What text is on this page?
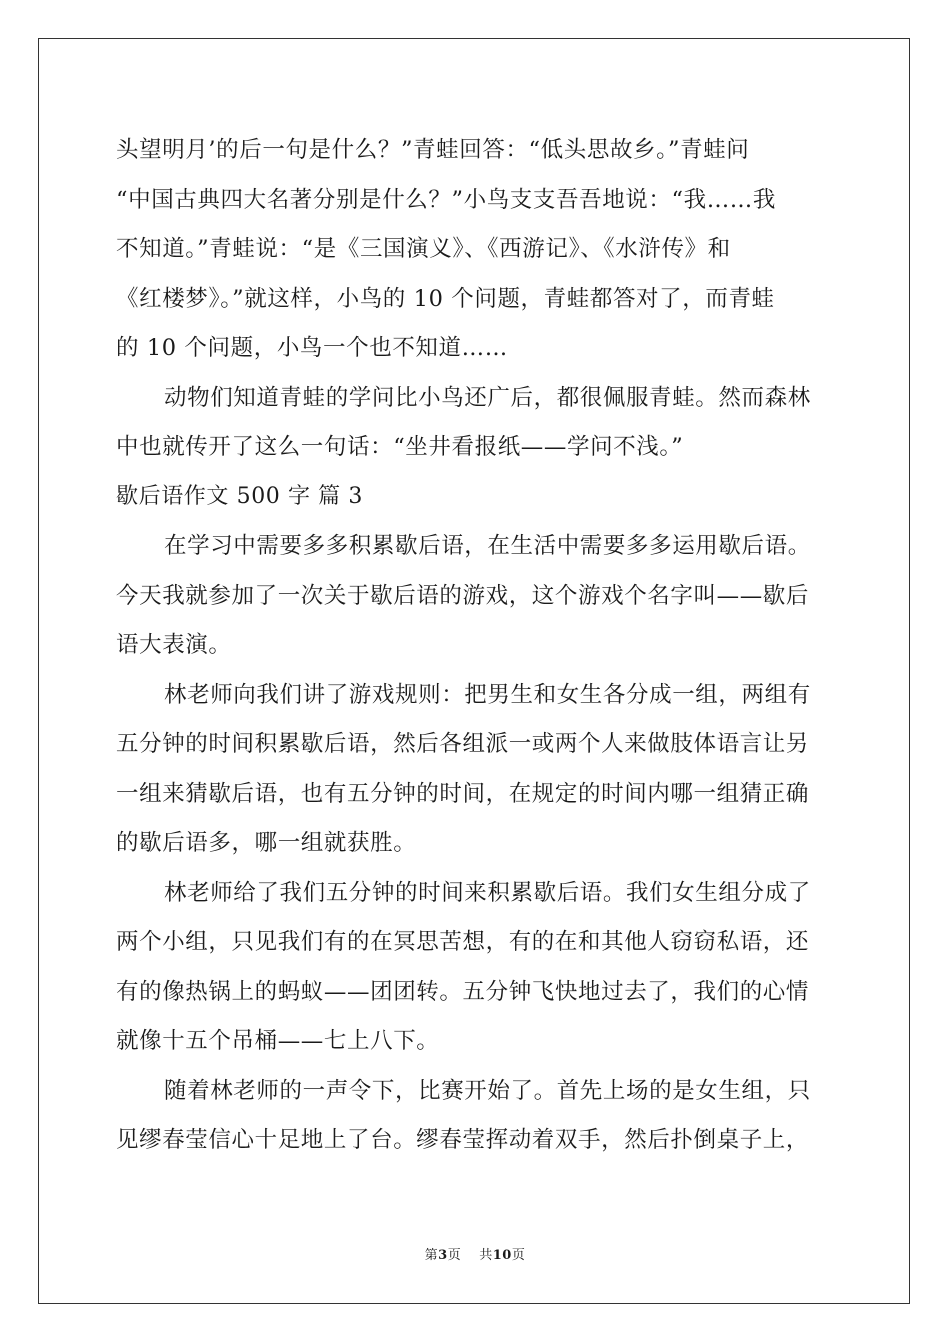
头望明月’的后一句是什么？”青蛙回答：“低头思故乡。”青蛙问
“中国古典四大名著分别是什么？”小鸟支支吾吾地说：“我……我
不知道。”青蛙说：“是《三国演义》、《西游记》、《水浒传》和
《红楼梦》。”就这样，小鸟的 10 个问题，青蛙都答对了，而青蛙
的 10 个问题，小鸟一个也不知道……
动物们知道青蛙的学问比小鸟还广后，都很佩服青蛙。然而森林
中也就传开了这么一句话：“坐井看报纸——学问不浅。”
歇后语作文 500 字 篇 3
在学习中需要多多积累歇后语，在生活中需要多多运用歇后语。
今天我就参加了一次关于歇后语的游戏，这个游戏个名字叫——歇后
语大表演。
林老师向我们讲了游戏规则：把男生和女生各分成一组，两组有
五分钟的时间积累歇后语，然后各组派一或两个人来做肢体语言让另
一组来猜歇后语，也有五分钟的时间，在规定的时间内哪一组猜正确
的歇后语多，哪一组就获胜。
林老师给了我们五分钟的时间来积累歇后语。我们女生组分成了
两个小组，只见我们有的在冥思苦想，有的在和其他人窃窃私语，还
有的像热锅上的蚂蚁——团团转。五分钟飞快地过去了，我们的心情
就像十五个吊桶——七上八下。
随着林老师的一声令下，比赛开始了。首先上场的是女生组，只
见缪春莹信心十足地上了台。缪春莹挥动着双手，然后扑倒桌子上，
第3页 共10页
